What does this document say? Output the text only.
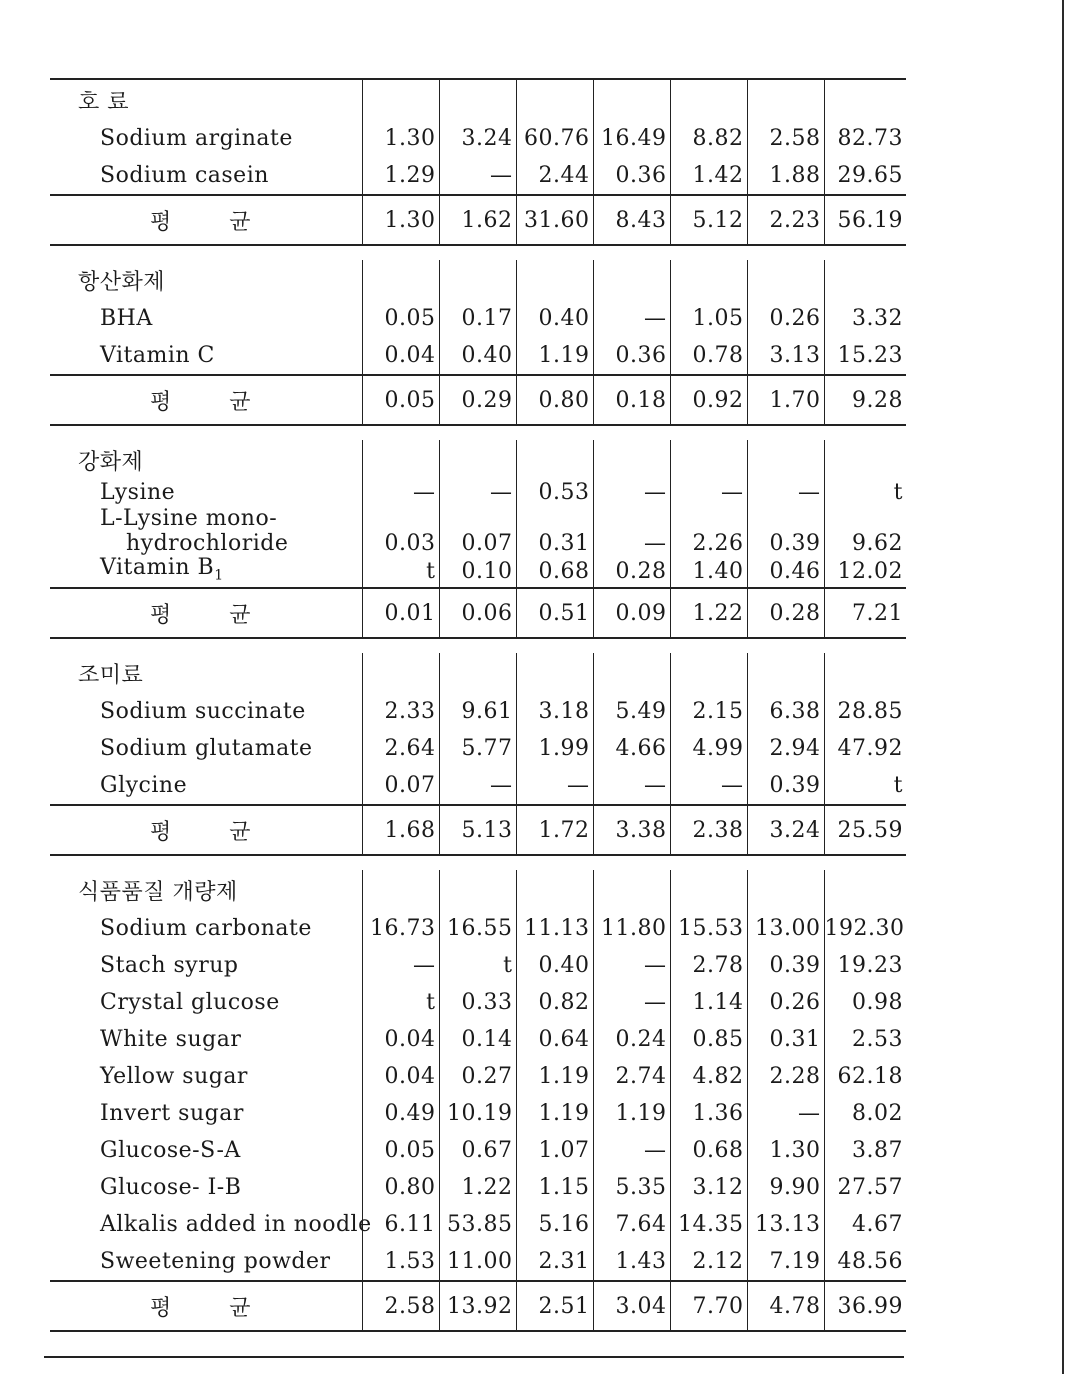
호 료							
Sodium arginate	1.30	3.24	60.76	16.49	8.82	2.58	82.73
Sodium casein	1.29	—	2.44	0.36	1.42	1.88	29.65
평 균	1.30	1.62	31.60	8.43	5.12	2.23	56.19

항산화제							
BHA	0.05	0.17	0.40	—	1.05	0.26	3.32
Vitamin C	0.04	0.40	1.19	0.36	0.78	3.13	15.23
평 균	0.05	0.29	0.80	0.18	0.92	1.70	9.28

강화제							
Lysine	—	—	0.53	—	—	—	t
L-Lysine mono-							
hydrochloride	0.03	0.07	0.31	—	2.26	0.39	9.62
Vitamin $B_1$	t	0.10	0.68	0.28	1.40	0.46	12.02
평 균	0.01	0.06	0.51	0.09	1.22	0.28	7.21

조미료							
Sodium succinate	2.33	9.61	3.18	5.49	2.15	6.38	28.85
Sodium glutamate	2.64	5.77	1.99	4.66	4.99	2.94	47.92
Glycine	0.07	—	—	—	—	0.39	t
평 균	1.68	5.13	1.72	3.38	2.38	3.24	25.59

식품품질 개량제							
Sodium carbonate	16.73	16.55	11.13	11.80	15.53	13.00	192.30
Stach syrup	—	t	0.40	—	2.78	0.39	19.23
Crystal glucose	t	0.33	0.82	—	1.14	0.26	0.98
White sugar	0.04	0.14	0.64	0.24	0.85	0.31	2.53
Yellow sugar	0.04	0.27	1.19	2.74	4.82	2.28	62.18
Invert sugar	0.49	10.19	1.19	1.19	1.36	—	8.02
Glucose-S-A	0.05	0.67	1.07	—	0.68	1.30	3.87
Glucose- I-B	0.80	1.22	1.15	5.35	3.12	9.90	27.57
Alkalis added in noodle	6.11	53.85	5.16	7.64	14.35	13.13	4.67
Sweetening powder	1.53	11.00	2.31	1.43	2.12	7.19	48.56
평 균	2.58	13.92	2.51	3.04	7.70	4.78	36.99
